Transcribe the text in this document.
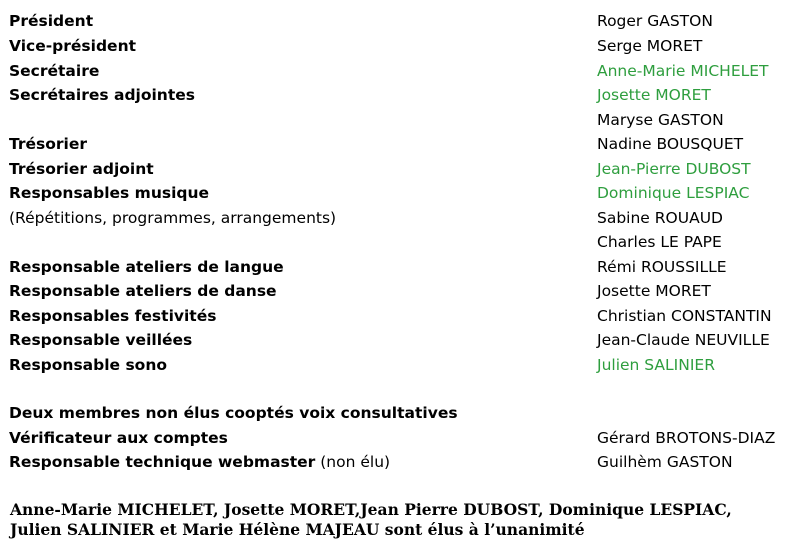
Président	Roger GASTON
Vice-président	Serge MORET
Secrétaire	Anne-Marie MICHELET
Secrétaires adjointes	Josette MORET
Maryse GASTON
Trésorier	Nadine BOUSQUET
Trésorier adjoint	Jean-Pierre DUBOST
Responsables musique	Dominique LESPIAC
(Répétitions, programmes, arrangements)	Sabine ROUAUD
Charles LE PAPE
Responsable ateliers de langue	Rémi ROUSSILLE
Responsable ateliers de danse	Josette MORET
Responsables festivités	Christian CONSTANTIN
Responsable veillées	Jean-Claude NEUVILLE
Responsable sono	Julien SALINIER
Deux membres non élus cooptés voix consultatives
Vérificateur aux comptes	Gérard BROTONS-DIAZ
Responsable technique webmaster (non élu)	Guilhèm GASTON
Anne-Marie MICHELET, Josette MORET,Jean Pierre DUBOST, Dominique LESPIAC,
Julien SALINIER et Marie Hélène MAJEAU sont élus à l’unanimité
